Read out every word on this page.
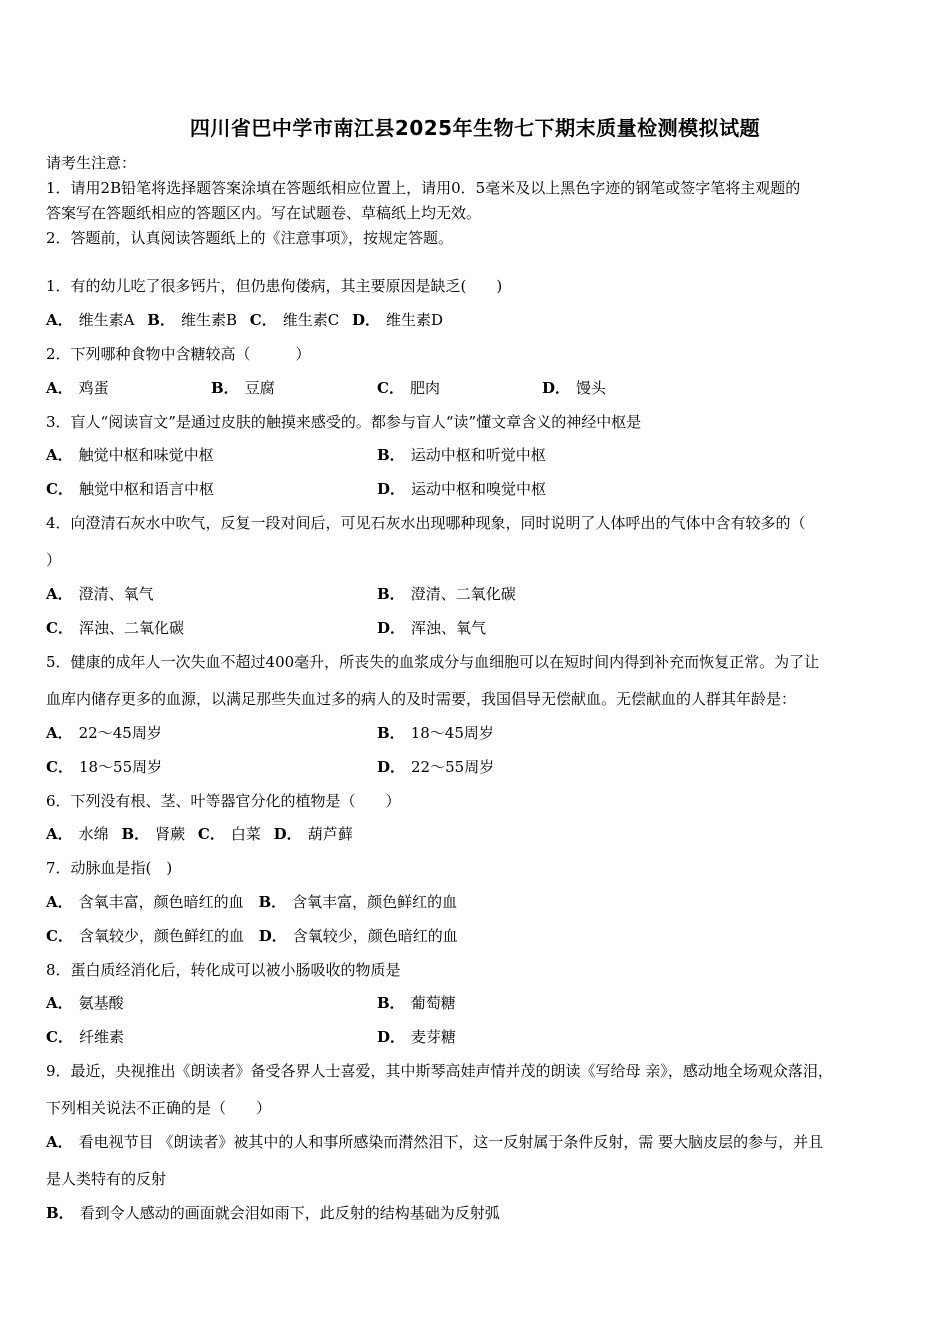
四川省巴中学市南江县2025年生物七下期末质量检测模拟试题
请考生注意：
1．请用2B铅笔将选择题答案涂填在答题纸相应位置上，请用0．5毫米及以上黑色字迹的钢笔或签字笔将主观题的
答案写在答题纸相应的答题区内。写在试题卷、草稿纸上均无效。
2．答题前，认真阅读答题纸上的《注意事项》，按规定答题。
1．有的幼儿吃了很多钙片，但仍患佝偻病，其主要原因是缺乏(　　)
A． 维生素A B． 维生素B C． 维生素C D． 维生素D
2．下列哪种食物中含糖较高（　　　）
A． 鸡蛋	B． 豆腐	C． 肥肉	D． 馒头
3．盲人“阅读盲文”是通过皮肤的触摸来感受的。都参与盲人“读”懂文章含义的神经中枢是
A． 触觉中枢和味觉中枢	B． 运动中枢和听觉中枢
C． 触觉中枢和语言中枢	D． 运动中枢和嗅觉中枢
4．向澄清石灰水中吹气，反复一段对间后，可见石灰水出现哪种现象，同时说明了人体呼出的气体中含有较多的（
）
A． 澄清、氧气	B． 澄清、二氧化碳
C． 浑浊、二氧化碳	D． 浑浊、氧气
5．健康的成年人一次失血不超过400毫升，所丧失的血浆成分与血细胞可以在短时间内得到补充而恢复正常。为了让
血库内储存更多的血源，以满足那些失血过多的病人的及时需要，我国倡导无偿献血。无偿献血的人群其年龄是：
A． 22～45周岁	B． 18～45周岁
C． 18～55周岁	D． 22～55周岁
6．下列没有根、茎、叶等器官分化的植物是（　　）
A． 水绵 B． 肾蕨 C． 白菜 D． 葫芦藓
7．动脉血是指(　)
A． 含氧丰富，颜色暗红的血 B． 含氧丰富，颜色鲜红的血
C． 含氧较少，颜色鲜红的血 D． 含氧较少，颜色暗红的血
8．蛋白质经消化后，转化成可以被小肠吸收的物质是
A． 氨基酸	B． 葡萄糖
C． 纤维素	D． 麦芽糖
9．最近，央视推出《朗读者》备受各界人士喜爱，其中斯琴高娃声情并茂的朗读《写给母 亲》，感动地全场观众落泪，
下列相关说法不正确的是（　　）
A． 看电视节目 《朗读者》被其中的人和事所感染而潸然泪下，这一反射属于条件反射，需 要大脑皮层的参与，并且
是人类特有的反射
B． 看到令人感动的画面就会泪如雨下，此反射的结构基础为反射弧
